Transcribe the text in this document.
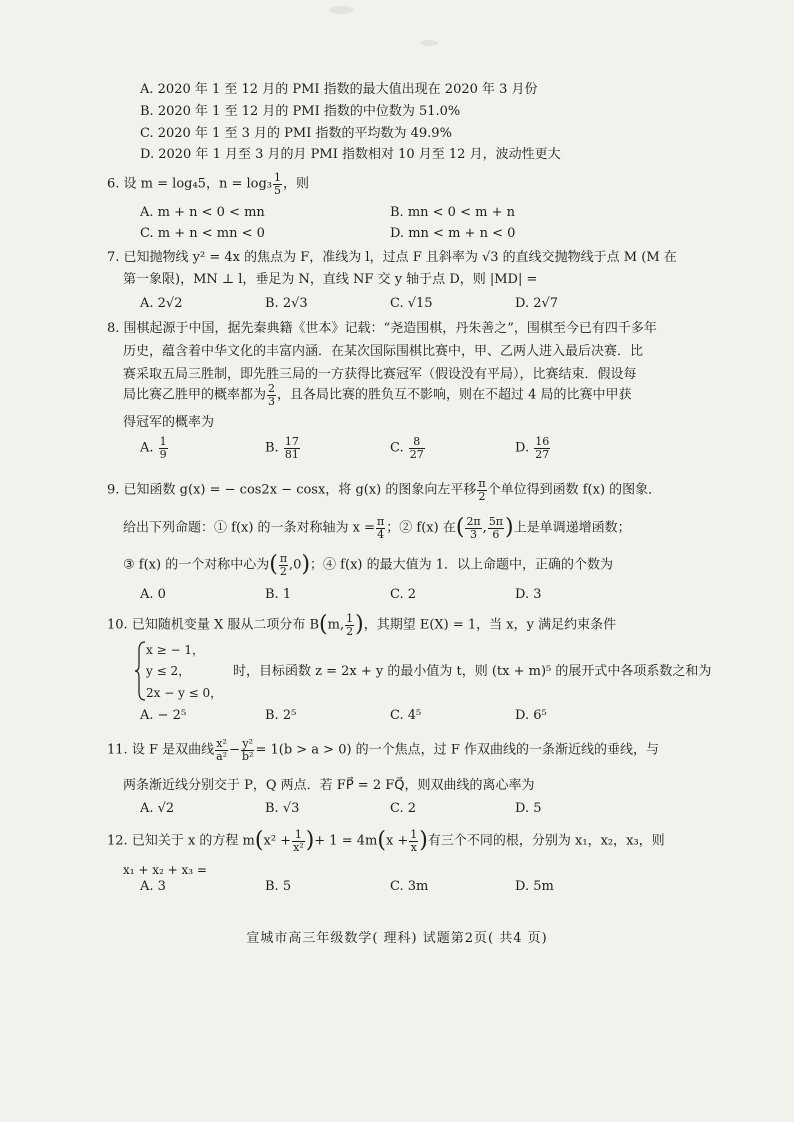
A. 2020 年 1 至 12 月的 PMI 指数的最大值出现在 2020 年 3 月份
B. 2020 年 1 至 12 月的 PMI 指数的中位数为 51.0%
C. 2020 年 1 至 3 月的 PMI 指数的平均数为 49.9%
D. 2020 年 1 月至 3 月的月 PMI 指数相对 10 月至 12 月，波动性更大
6. 设 m = log₄5，$n = \log_3 \frac{1}{5}$ ，则
A. m + n < 0 < mn	B. mn < 0 < m + n
C. m + n < mn < 0	D. mn < m + n < 0
7. 已知抛物线 y² = 4x 的焦点为 F，准线为 l，过点 F 且斜率为 √3 的直线交抛物线于点 M (M 在
第一象限)，MN ⊥ l，垂足为 N，直线 NF 交 y 轴于点 D，则 |MD| =
A. 2√2	B. 2√3	C. √15	D. 2√7
8. 围棋起源于中国，据先秦典籍《世本》记载：“尧造围棋，丹朱善之”，围棋至今已有四千多年
历史，蕴含着中华文化的丰富内涵．在某次国际围棋比赛中，甲、乙两人进入最后决赛．比
赛采取五局三胜制，即先胜三局的一方获得比赛冠军（假设没有平局），比赛结束．假设每
局比赛乙胜甲的概率都为 $\frac{2}{3}$ ，且各局比赛的胜负互不影响，则在不超过 4 局的比赛中甲获
得冠军的概率为
A. $\frac{1}{9}$	B. $\frac{17}{81}$	C. $\frac{8}{27}$	D. $\frac{16}{27}$
9. 已知函数 g(x) = − cos2x − cosx，将 g(x) 的图象向左平移 $\frac{\pi}{2}$ 个单位得到函数 f(x) 的图象．
给出下列命题：① f(x) 的一条对称轴为 $x = \frac{\pi}{4}$ ；② f(x) 在( $\frac{2\pi}{3}$ , $\frac{5\pi}{6}$ )上是单调递增函数；
③ f(x) 的一个对称中心为( $\frac{\pi}{2} ,0$)；④ f(x) 的最大值为 1．以上命题中，正确的个数为
A. 0	B. 1	C. 2	D. 3
10. 已知随机变量 X 服从二项分布 B(m, $\frac{1}{2}$ )，其期望 E(X) = 1，当 x，y 满足约束条件
x ≥ − 1，
y ≤ 2，
2x − y ≤ 0，
时，目标函数 z = 2x + y 的最小值为 t，则 (tx + m)⁵ 的展开式中各项系数之和为
A. − 2⁵	B. 2⁵	C. 4⁵	D. 6⁵
11. 设 F 是双曲线 $\frac{\text{x²}}{\text{a²}} - \frac{\text{y²}}{\text{b²}} = 1(b > a > 0)$ 的一个焦点，过 F 作双曲线的一条渐近线的垂线，与
两条渐近线分别交于 P，Q 两点．若 FP⃗ = 2 FQ⃗，则双曲线的离心率为
A. √2	B. √3	C. 2	D. 5
12. 已知关于 x 的方程 $m(x^2 + \frac{1}{\text{x²}}$ )+ $1 = 4m(x + \frac{1}{x}$ )有三个不同的根，分别为 x₁，x₂，x₃，则
x₁ + x₂ + x₃ =
A. 3	B. 5	C. 3m	D. 5m
宣城市高三年级数学( 理科) 试题第2页( 共4 页)
